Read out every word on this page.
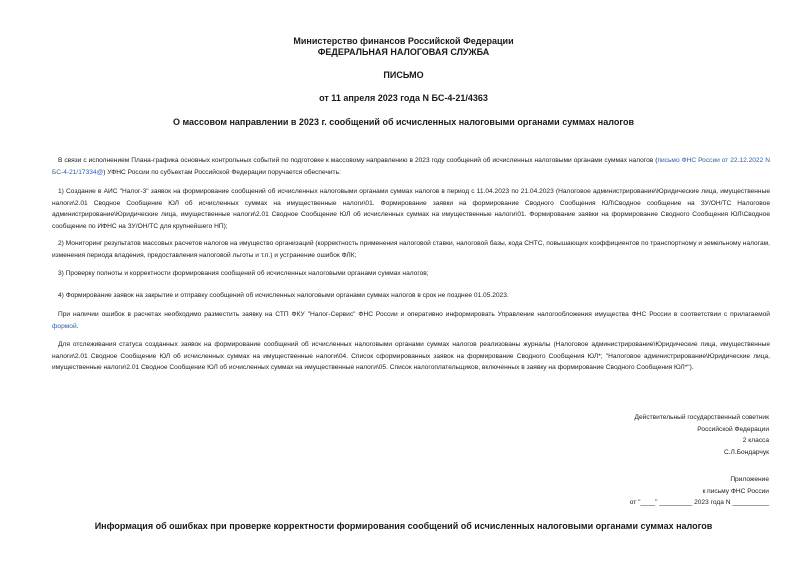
Министерство финансов Российской Федерации
ФЕДЕРАЛЬНАЯ НАЛОГОВАЯ СЛУЖБА
ПИСЬМО
от 11 апреля 2023 года N БС-4-21/4363
О массовом направлении в 2023 г. сообщений об исчисленных налоговыми органами суммах налогов
В связи с исполнением Плана-графика основных контрольных событий по подготовке к массовому направлению в 2023 году сообщений об исчисленных налоговыми органами суммах налогов (письмо ФНС России от 22.12.2022 N БС-4-21/17334@) УФНС России по субъектам Российской Федерации поручается обеспечить:
1) Создание в АИС "Налог-3" заявок на формирование сообщений об исчисленных налоговыми органами суммах налогов в период с 11.04.2023 по 21.04.2023 (Налоговое администрирование\Юридические лица, имущественные налоги\2.01 Сводное Сообщение ЮЛ об исчисленных суммах на имущественные налоги\01. Формирование заявки на формирование Сводного Сообщения ЮЛ\Сводное сообщение на ЗУ/ОН/ТС Налоговое администрирование\Юридические лица, имущественные налоги\2.01 Сводное Сообщение ЮЛ об исчисленных суммах на имущественные налоги\01. Формирование заявки на формирование Сводного Сообщения ЮЛ\Сводное сообщение по ИФНС на ЗУ/ОН/ТС для крупнейшего НП);
2) Мониторинг результатов массовых расчетов налогов на имущество организаций (корректность применения налоговой ставки, налоговой базы, кода СНТС, повышающих коэффициентов по транспортному и земельному налогам, изменения периода владения, предоставления налоговой льготы и т.п.) и устранение ошибок ФЛК;
3) Проверку полноты и корректности формирования сообщений об исчисленных налоговыми органами суммах налогов;
4) Формирование заявок на закрытие и отправку сообщений об исчисленных налоговыми органами суммах налогов в срок не позднее 01.05.2023.
При наличии ошибок в расчетах необходимо разместить заявку на СТП ФКУ "Налог-Сервис" ФНС России и оперативно информировать Управление налогообложения имущества ФНС России в соответствии с прилагаемой формой.
Для отслеживания статуса созданных заявок на формирование сообщений об исчисленных налоговыми органами суммах налогов реализованы журналы (Налоговое администрирование\Юридические лица, имущественные налоги\2.01 Сводное Сообщение ЮЛ об исчисленных суммах на имущественные налоги\04. Список сформированных заявок на формирование Сводного Сообщения ЮЛ*; "Налоговое администрирование\Юридические лица, имущественные налоги\2.01 Сводное Сообщение ЮЛ об исчисленных суммах на имущественные налоги\05. Список налогоплательщиков, включенных в заявку на формирование Сводного Сообщения ЮЛ*").
Действительный государственный советник
Российской Федерации
2 класса
С.Л.Бондарчук
Приложение
к письму ФНС России
от "____" _________ 2023 года N __________
Информация об ошибках при проверке корректности формирования сообщений об исчисленных налоговыми органами суммах налогов
